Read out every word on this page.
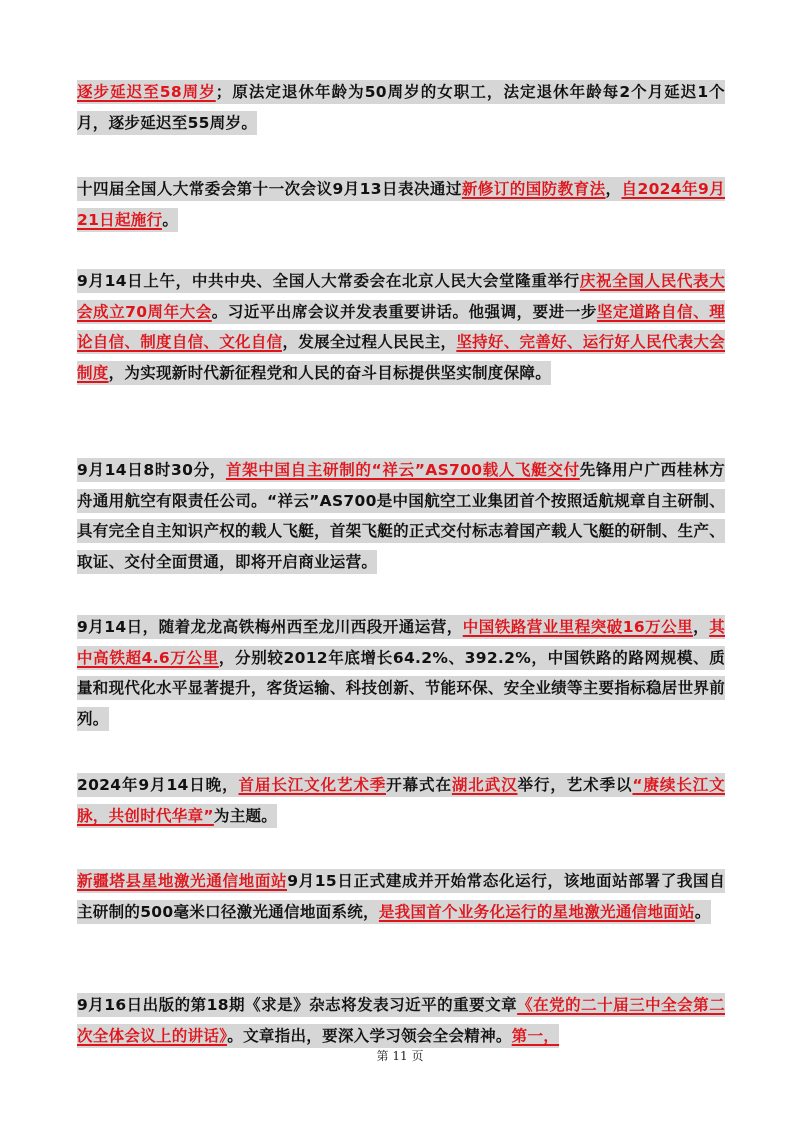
逐步延迟至58周岁；原法定退休年龄为50周岁的女职工，法定退休年龄每2个月延迟1个月，逐步延迟至55周岁。
十四届全国人大常委会第十一次会议9月13日表决通过新修订的国防教育法，自2024年9月21日起施行。
9月14日上午，中共中央、全国人大常委会在北京人民大会堂隆重举行庆祝全国人民代表大会成立70周年大会。习近平出席会议并发表重要讲话。他强调，要进一步坚定道路自信、理论自信、制度自信、文化自信，发展全过程人民民主，坚持好、完善好、运行好人民代表大会制度，为实现新时代新征程党和人民的奋斗目标提供坚实制度保障。
9月14日8时30分，首架中国自主研制的“祥云”AS700载人飞艇交付先锋用户广西桂林方舟通用航空有限责任公司。“祥云”AS700是中国航空工业集团首个按照适航规章自主研制、具有完全自主知识产权的载人飞艇，首架飞艇的正式交付标志着国产载人飞艇的研制、生产、取证、交付全面贯通，即将开启商业运营。
9月14日，随着龙龙高铁梅州西至龙川西段开通运营，中国铁路营业里程突破16万公里，其中高铁超4.6万公里，分别较2012年底增长64.2%、392.2%，中国铁路的路网规模、质量和现代化水平显著提升，客货运输、科技创新、节能环保、安全业绩等主要指标稳居世界前列。
2024年9月14日晚，首届长江文化艺术季开幕式在湖北武汉举行，艺术季以“赓续长江文脉，共创时代华章”为主题。
新疆塔县星地激光通信地面站9月15日正式建成并开始常态化运行，该地面站部署了我国自主研制的500毫米口径激光通信地面系统，是我国首个业务化运行的星地激光通信地面站。
9月16日出版的第18期《求是》杂志将发表习近平的重要文章《在党的二十届三中全会第二次全体会议上的讲话》。文章指出，要深入学习领会全会精神。第一，
第 11 页
